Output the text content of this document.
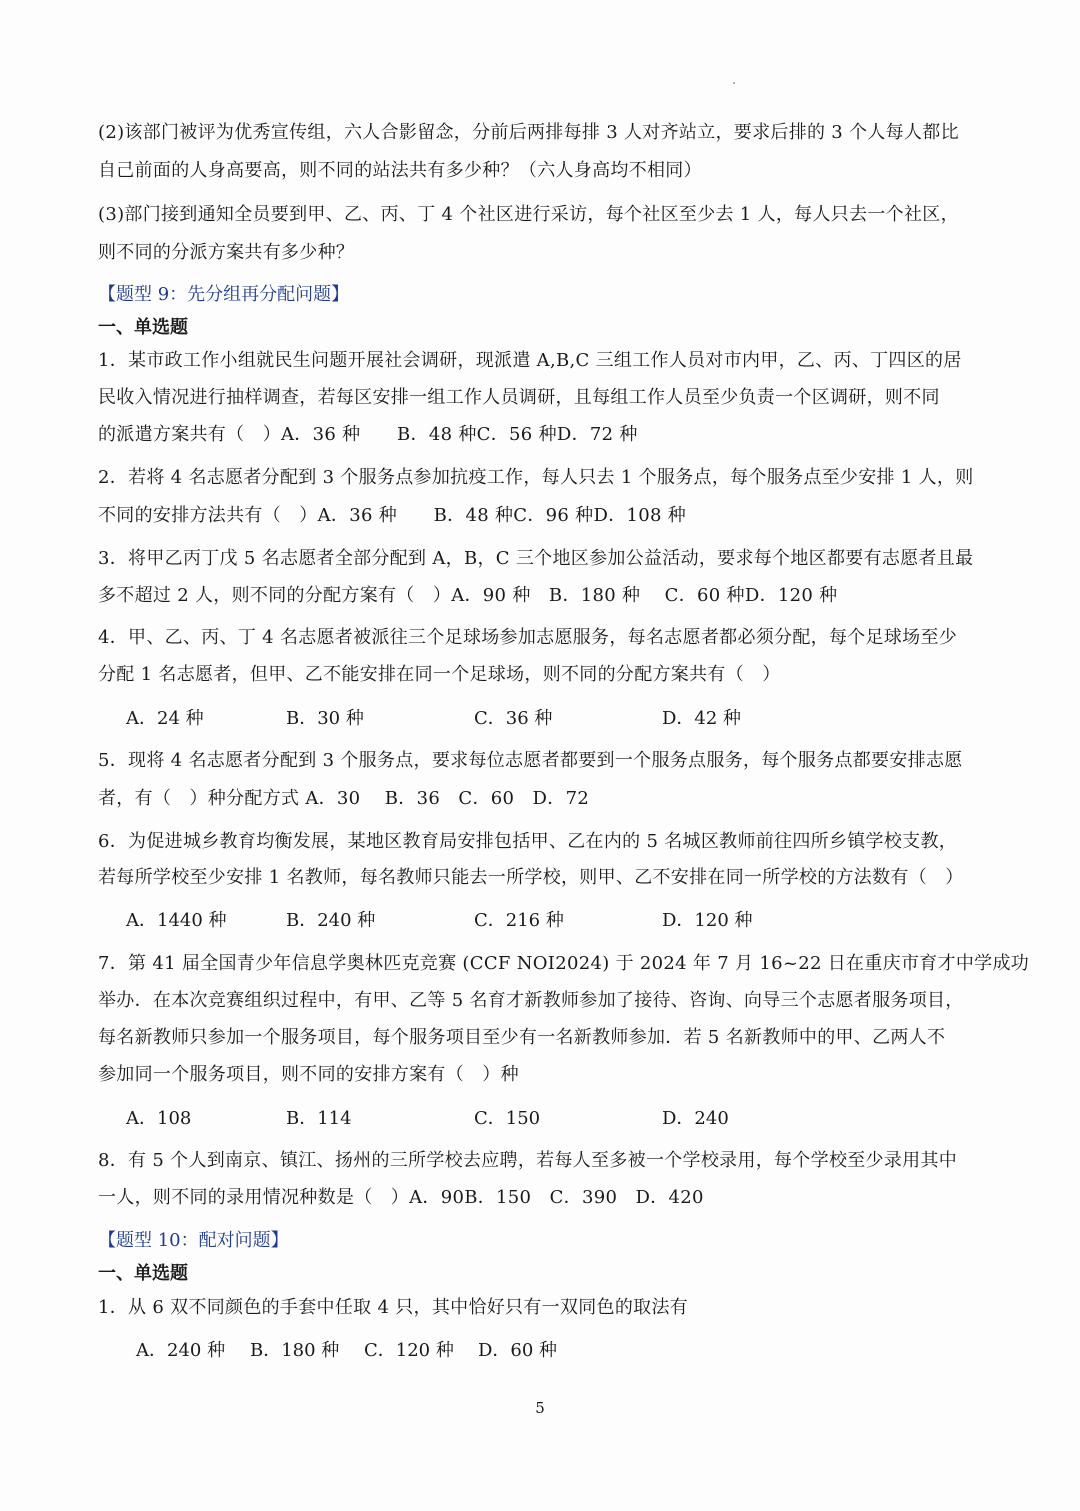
(2)该部门被评为优秀宣传组，六人合影留念，分前后两排每排 3 人对齐站立，要求后排的 3 个人每人都比
自己前面的人身高要高，则不同的站法共有多少种？（六人身高均不相同）
(3)部门接到通知全员要到甲、乙、丙、丁 4 个社区进行采访，每个社区至少去 1 人，每人只去一个社区，
则不同的分派方案共有多少种？
【题型 9：先分组再分配问题】
一、单选题
1．某市政工作小组就民生问题开展社会调研，现派遣 A,B,C 三组工作人员对市内甲，乙、丙、丁四区的居
民收入情况进行抽样调查，若每区安排一组工作人员调研，且每组工作人员至少负责一个区调研，则不同
的派遣方案共有（　）A．36 种　　B．48 种C．56 种D．72 种
2．若将 4 名志愿者分配到 3 个服务点参加抗疫工作，每人只去 1 个服务点，每个服务点至少安排 1 人，则
不同的安排方法共有（　）A．36 种　　B．48 种C．96 种D．108 种
3．将甲乙丙丁戊 5 名志愿者全部分配到 A，B，C 三个地区参加公益活动，要求每个地区都要有志愿者且最
多不超过 2 人，则不同的分配方案有（　）A．90 种　B．180 种　 C．60 种D．120 种
4．甲、乙、丙、丁 4 名志愿者被派往三个足球场参加志愿服务，每名志愿者都必须分配，每个足球场至少
分配 1 名志愿者，但甲、乙不能安排在同一个足球场，则不同的分配方案共有（　）
A．24 种	B．30 种	C．36 种	D．42 种
5．现将 4 名志愿者分配到 3 个服务点，要求每位志愿者都要到一个服务点服务，每个服务点都要安排志愿
者，有（　）种分配方式 A．30　 B．36　C．60　D．72
6．为促进城乡教育均衡发展，某地区教育局安排包括甲、乙在内的 5 名城区教师前往四所乡镇学校支教，
若每所学校至少安排 1 名教师，每名教师只能去一所学校，则甲、乙不安排在同一所学校的方法数有（　）
A．1440 种	B．240 种	C．216 种	D．120 种
7．第 41 届全国青少年信息学奥林匹克竞赛 (CCF NOI2024) 于 2024 年 7 月 16~22 日在重庆市育才中学成功
举办．在本次竞赛组织过程中，有甲、乙等 5 名育才新教师参加了接待、咨询、向导三个志愿者服务项目，
每名新教师只参加一个服务项目，每个服务项目至少有一名新教师参加．若 5 名新教师中的甲、乙两人不
参加同一个服务项目，则不同的安排方案有（　）种
A．108	B．114	C．150	D．240
8．有 5 个人到南京、镇江、扬州的三所学校去应聘，若每人至多被一个学校录用，每个学校至少录用其中
一人，则不同的录用情况种数是（　）A．90B．150　C．390　D．420
【题型 10：配对问题】
一、单选题
1．从 6 双不同颜色的手套中任取 4 只，其中恰好只有一双同色的取法有
A．240 种 B．180 种 C．120 种 D．60 种
5
